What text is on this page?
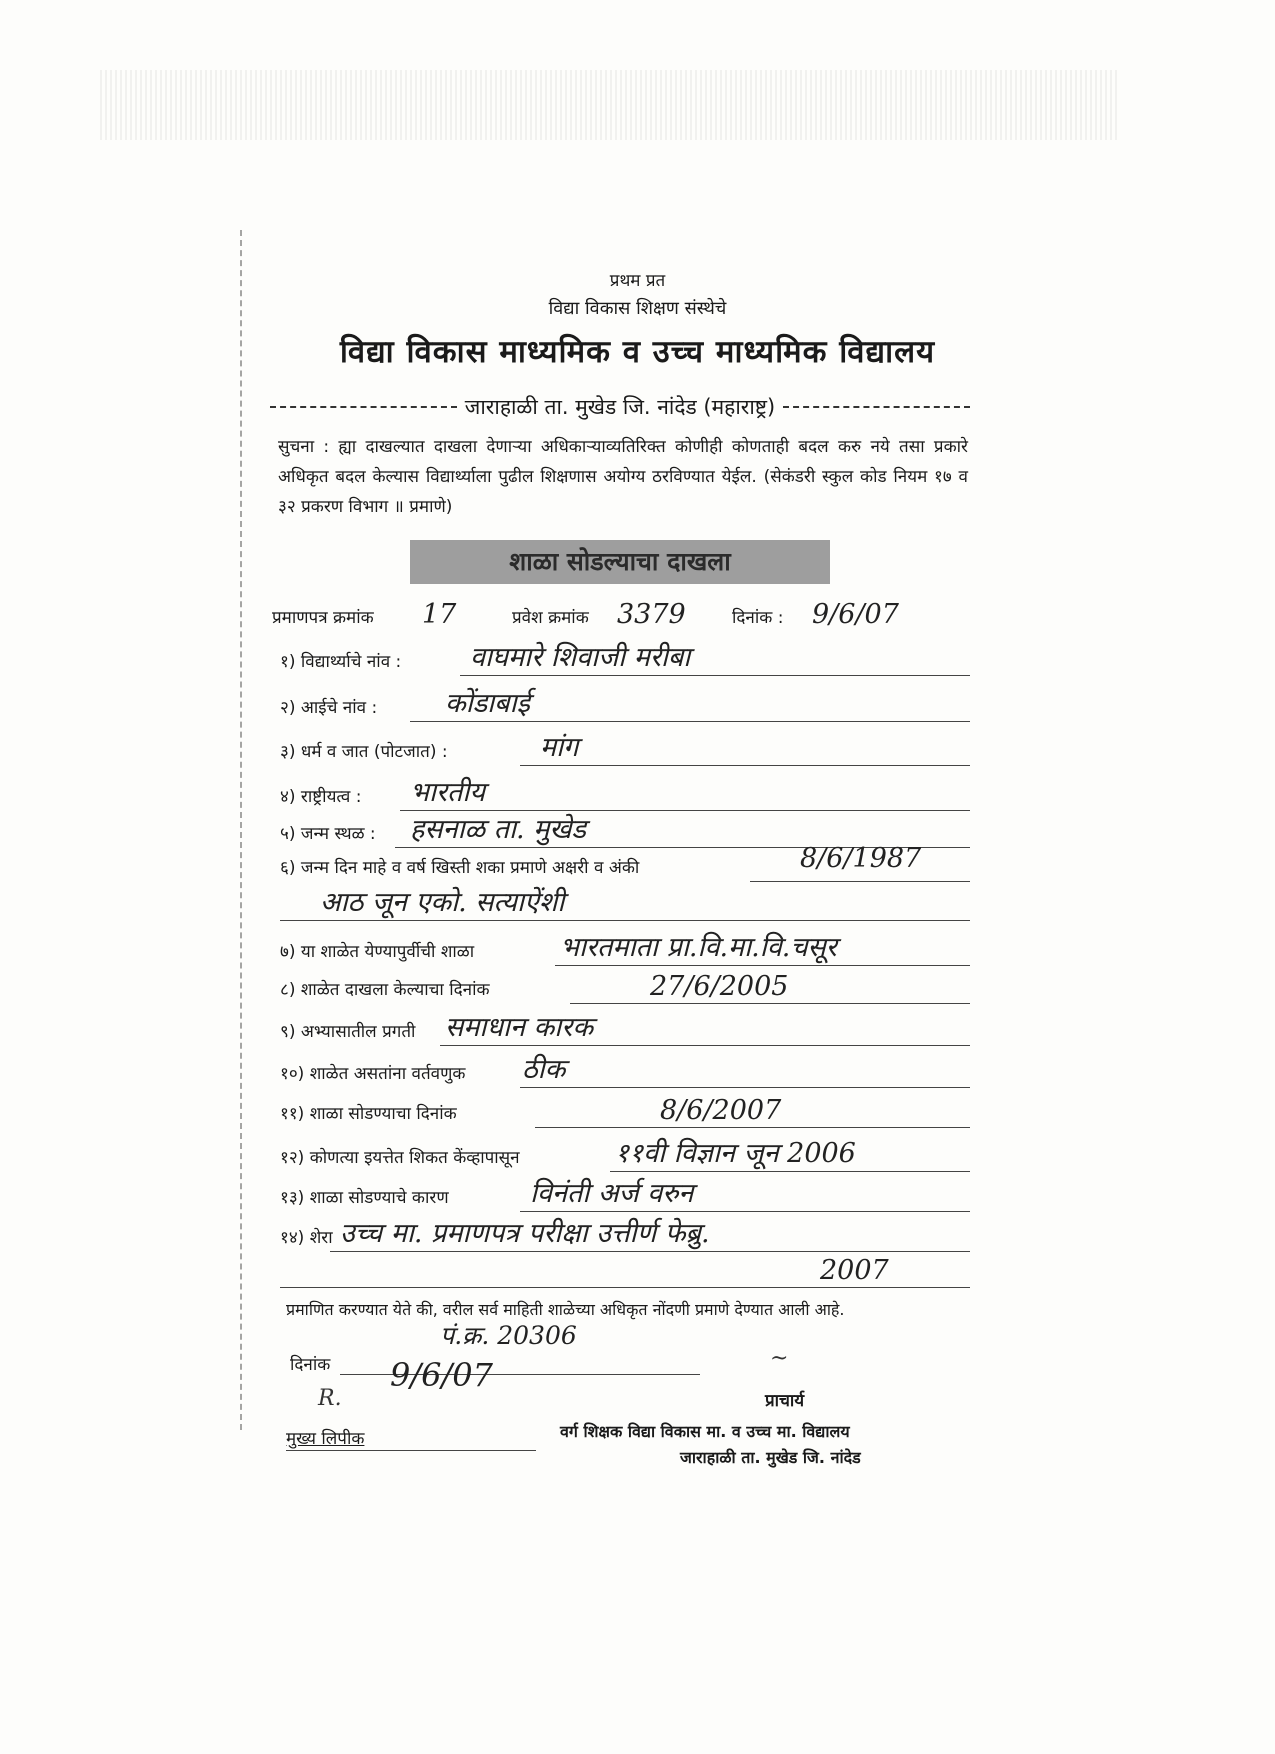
प्रथम प्रत
विद्या विकास शिक्षण संस्थेचे
विद्या विकास माध्यमिक व उच्च माध्यमिक विद्यालय
जाराहाळी ता. मुखेड जि. नांदेड (महाराष्ट्र)
सुचना : ह्या दाखल्यात दाखला देणाऱ्या अधिकाऱ्याव्यतिरिक्त कोणीही कोणताही बदल करु नये तसा प्रकारे अधिकृत बदल केल्यास विद्यार्थ्याला पुढील शिक्षणास अयोग्य ठरविण्यात येईल. (सेकंडरी स्कुल कोड नियम १७ व ३२ प्रकरण विभाग ॥ प्रमाणे)
शाळा सोडल्याचा दाखला
प्रमाणपत्र क्रमांक 17	प्रवेश क्रमांक 3379	दिनांक : 9/6/07
१) विद्यार्थ्याचे नांव :	वाघमारे शिवाजी मरीबा
२) आईचे नांव :	कोंडाबाई
३) धर्म व जात (पोटजात) :	मांग
४) राष्ट्रीयत्व : भारतीय
५) जन्म स्थळ : हसनाळ ता. मुखेड
६) जन्म दिन माहे व वर्ष खिस्ती शका प्रमाणे अक्षरी व अंकी	8/6/1987
आठ जून एको. सत्याऐंशी
७) या शाळेत येण्यापुर्वीची शाळा	भारतमाता प्रा.वि.मा.वि.चसूर
८) शाळेत दाखला केल्याचा दिनांक	27/6/2005
९) अभ्यासातील प्रगती समाधान कारक
१०) शाळेत असतांना वर्तवणुक ठीक
११) शाळा सोडण्याचा दिनांक	8/6/2007
१२) कोणत्या इयत्तेत शिकत केंव्हापासून	११वी विज्ञान जून 2006
१३) शाळा सोडण्याचे कारण	विनंती अर्ज वरुन
१४) शेरा उच्च मा. प्रमाणपत्र परीक्षा उत्तीर्ण फेब्रु.
2007
प्रमाणित करण्यात येते की, वरील सर्व माहिती शाळेच्या अधिकृत नोंदणी प्रमाणे देण्यात आली आहे.
पं.क्र. 20306
दिनांक 9/6/07
R.
~
प्राचार्य
मुख्य लिपीक	वर्ग शिक्षक विद्या विकास मा. व उच्च मा. विद्यालय
जाराहाळी ता. मुखेड जि. नांदेड
